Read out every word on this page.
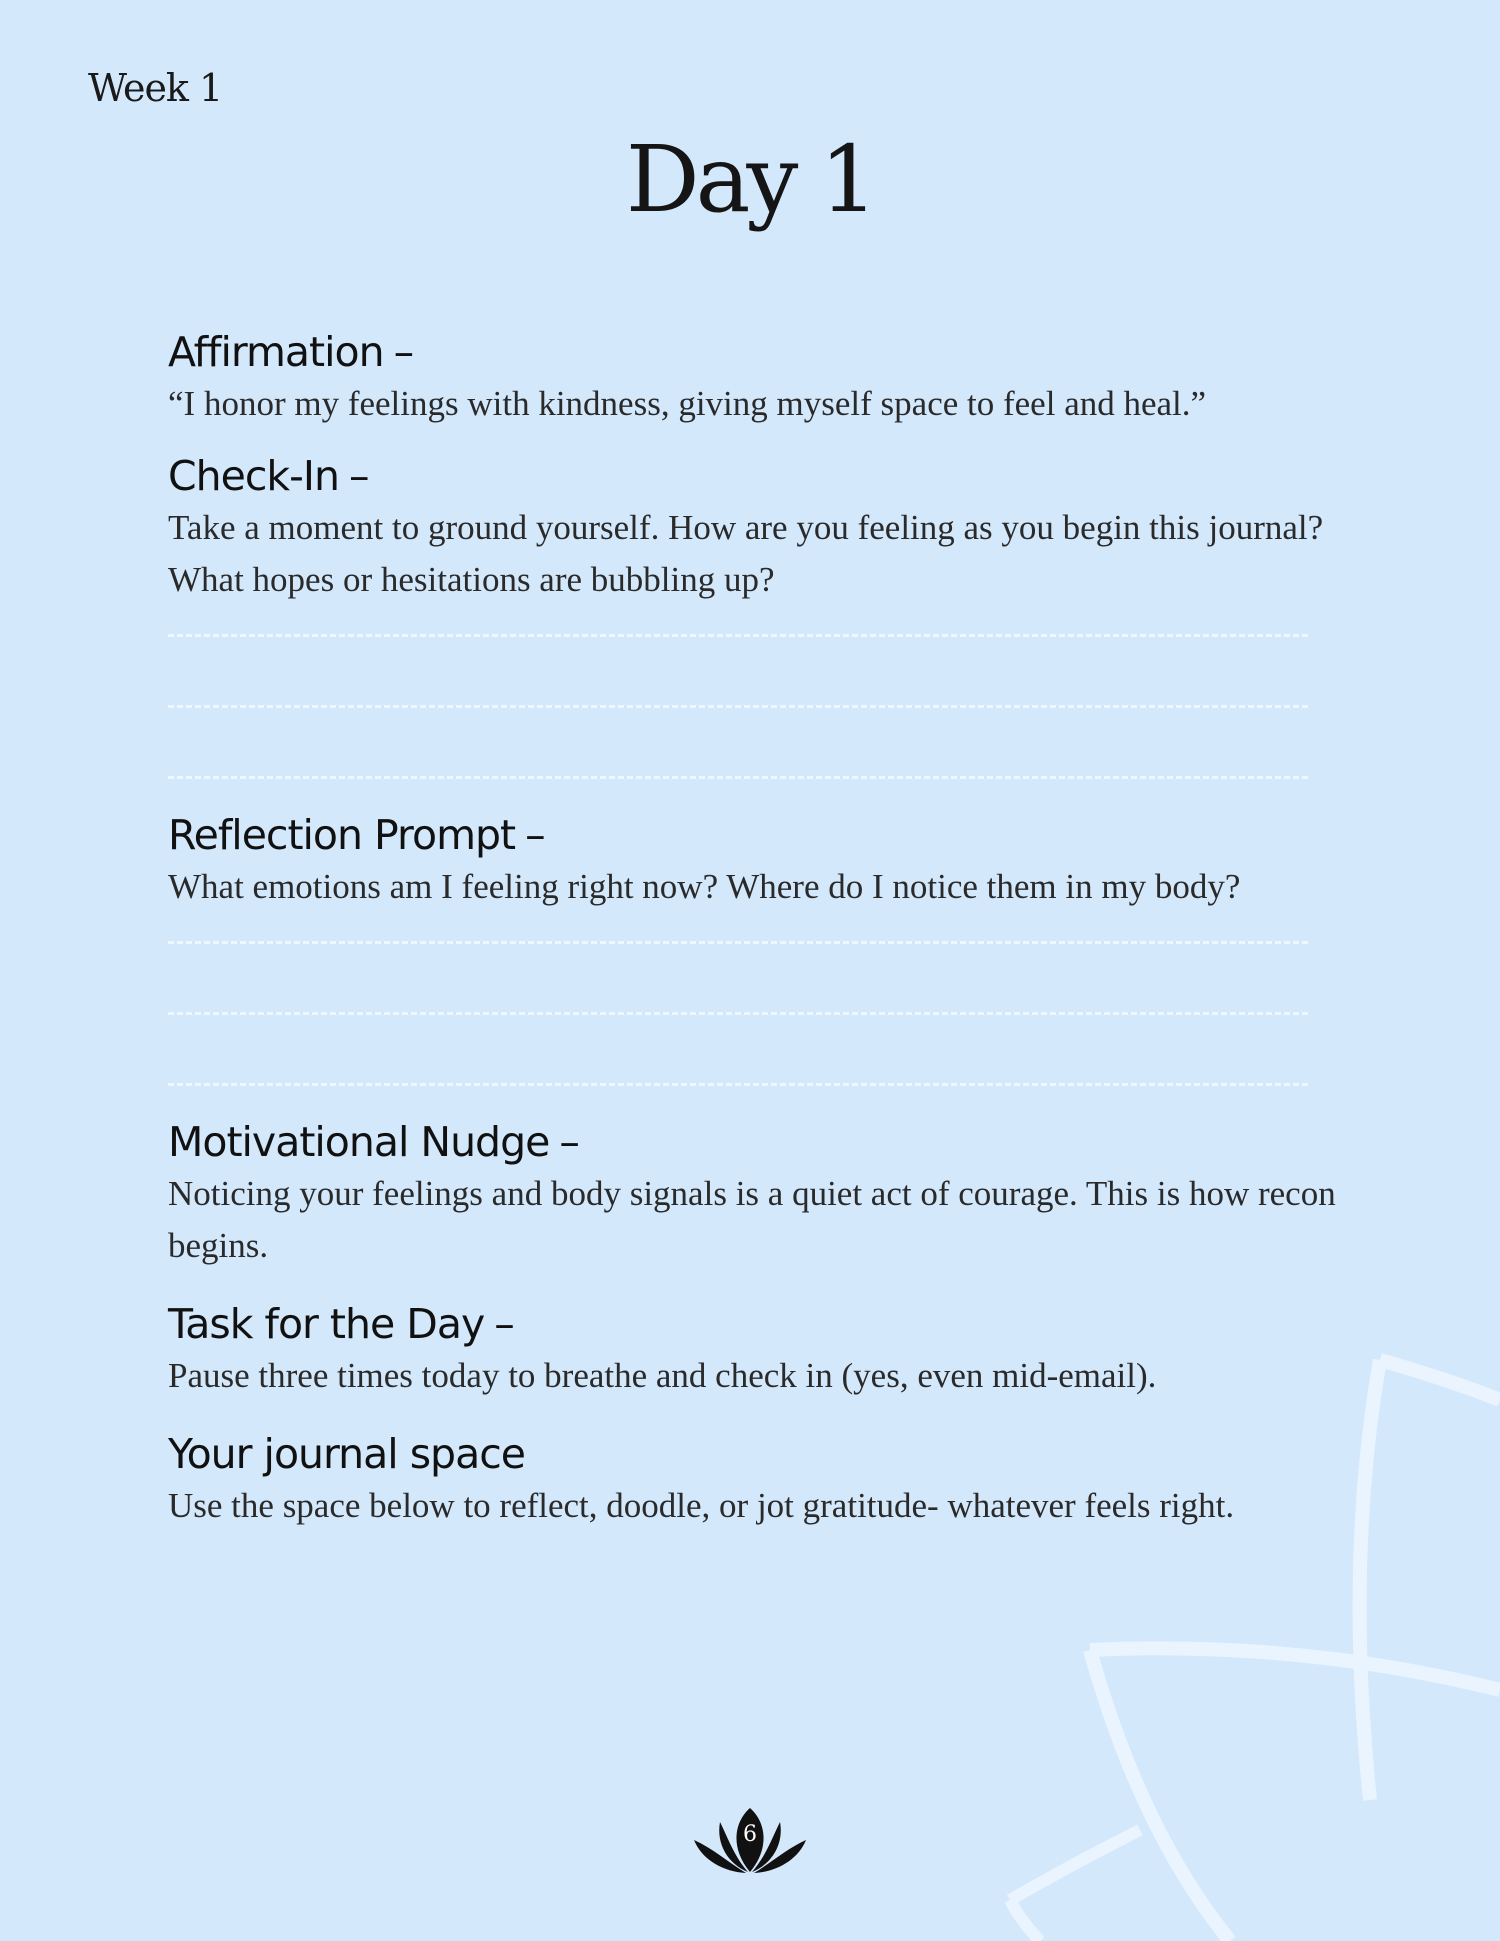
Week 1
Day 1
Affirmation –

“I honor my feelings with kindness, giving myself space to feel and heal.”

Check-In –

Take a moment to ground yourself. How are you feeling as you begin this journal? What hopes or hesitations are bubbling up?

Reflection Prompt –

What emotions am I feeling right now? Where do I notice them in my body?

Motivational Nudge –

Noticing your feelings and body signals is a quiet act of courage. This is how recon begins.

Task for the Day –

Pause three times today to breathe and check in (yes, even mid-email).

Your journal space

Use the space below to reflect, doodle, or jot gratitude- whatever feels right.

6
